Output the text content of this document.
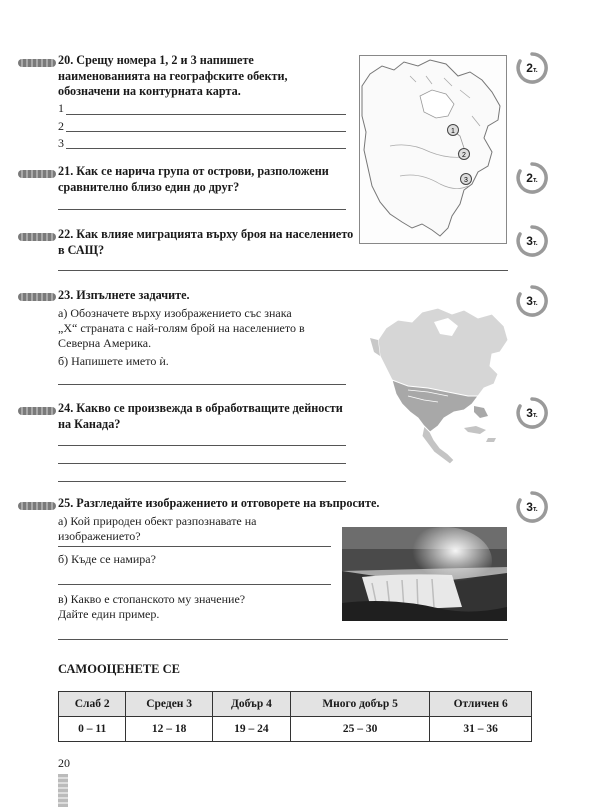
20. Срещу номера 1, 2 и 3 напишете наименованията на географските обекти, обозначени на контурната карта.
1
2
3
21. Как се нарича група от острови, разположени сравнително близо един до друг?
22. Как влияе миграцията върху броя на населението в САЩ?
23. Изпълнете задачите.
а) Обозначете върху изображението със знака „X“ страната с най-голям брой на населението в Северна Америка.
б) Напишете името ѝ.
24. Какво се произвежда в обработващите дейности на Канада?
25. Разгледайте изображението и отговорете на въпросите.
а) Кой природен обект разпознавате на изображението?
б) Къде се намира?
в) Какво е стопанското му значение?
Дайте един пример.
2т.
2т.
3т.
3т.
3т.
3т.
1
2
3
САМООЦЕНЕТЕ СЕ
Слаб 2	Среден 3	Добър 4	Много добър 5	Отличен 6
0 – 11	12 – 18	19 – 24	25 – 30	31 – 36
20
